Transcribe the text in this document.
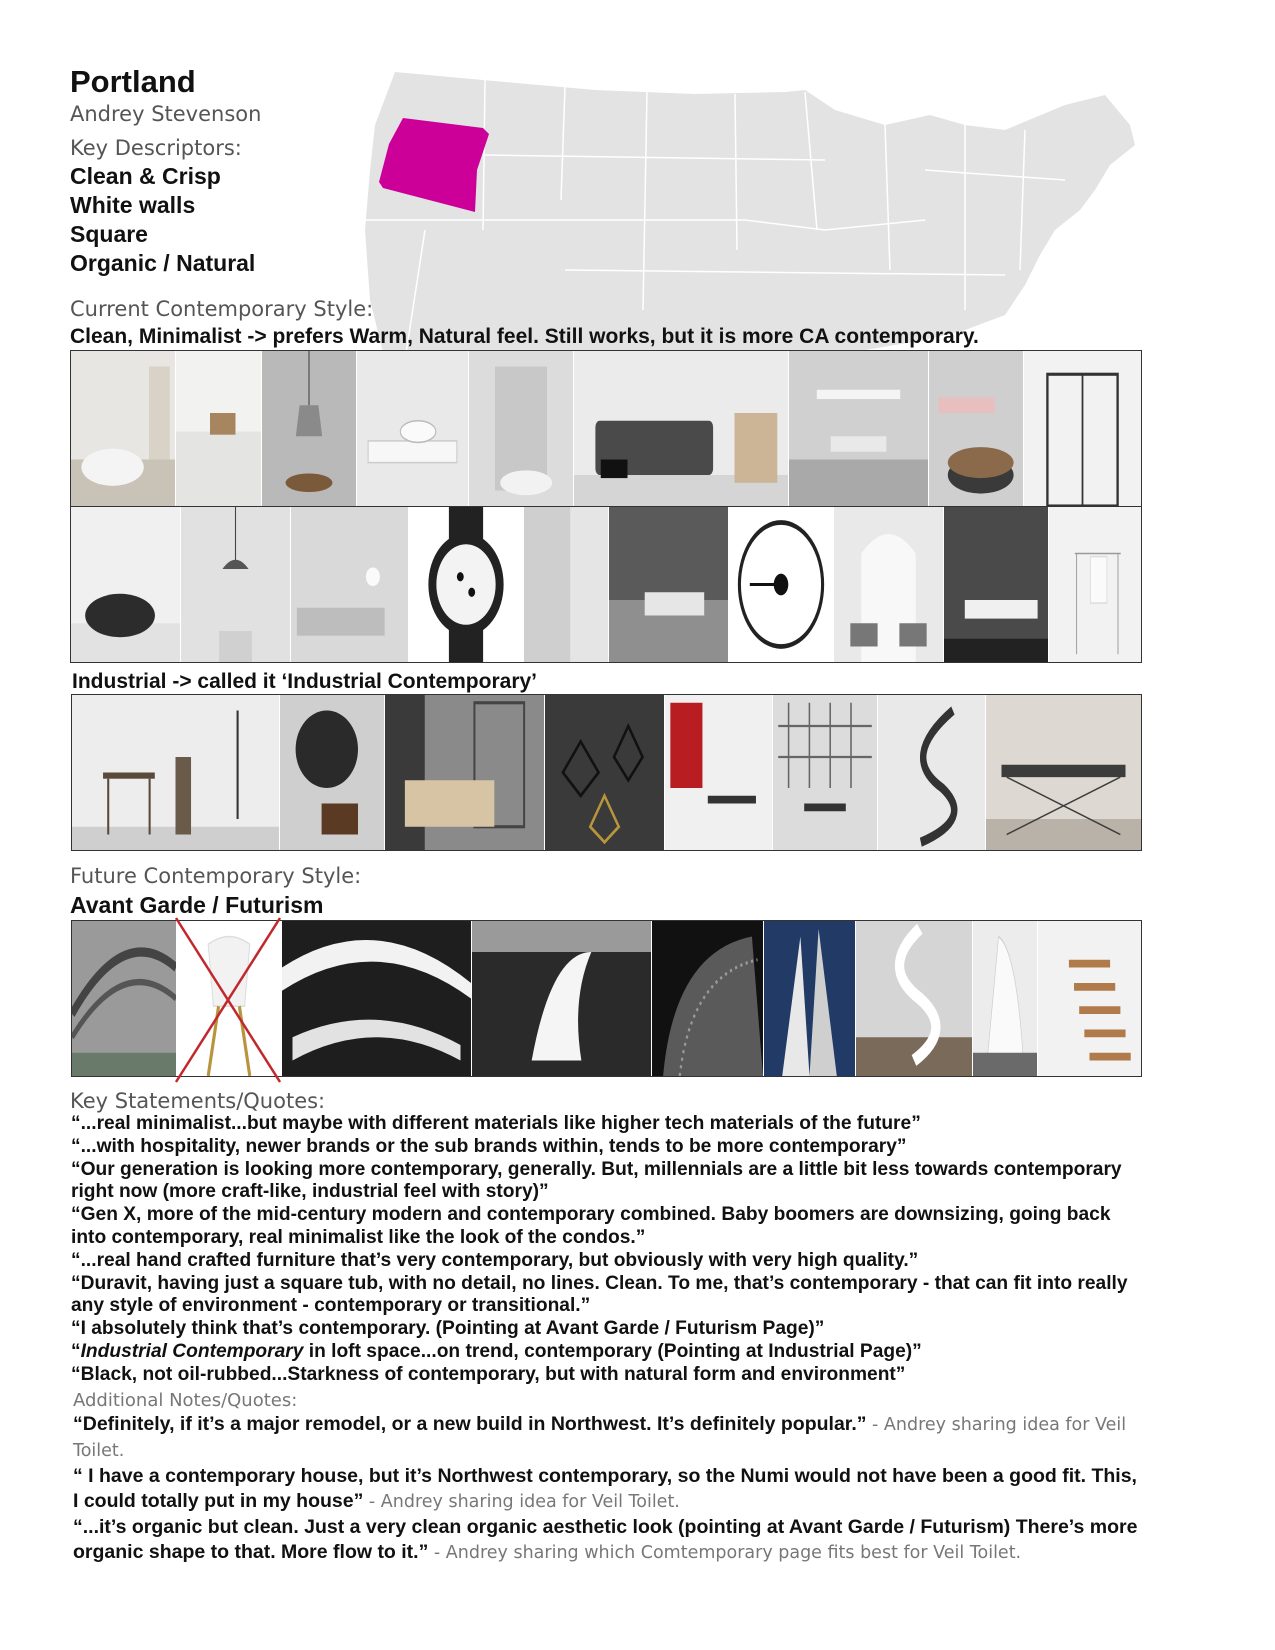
Portland
Andrey Stevenson
Key Descriptors:
Clean & Crisp
White walls
Square
Organic / Natural
Current Contemporary Style:
Clean, Minimalist -> prefers Warm, Natural feel. Still works, but it is more CA contemporary.
Industrial -> called it ‘Industrial Contemporary’
Future Contemporary Style:
Avant Garde / Futurism
Key Statements/Quotes:
“...real minimalist...but maybe with different materials like higher tech materials of the future”
“...with hospitality, newer brands or the sub brands within, tends to be more contemporary”
“Our generation is looking more contemporary, generally. But, millennials are a little bit less towards contemporary right now (more craft-like, industrial feel with story)”
“Gen X, more of the mid-century modern and contemporary combined. Baby boomers are downsizing, going back into contemporary, real minimalist like the look of the condos.”
“...real hand crafted furniture that’s very contemporary, but obviously with very high quality.”
“Duravit, having just a square tub, with no detail, no lines. Clean. To me, that’s contemporary - that can fit into really any style of environment - contemporary or transitional.”
“I absolutely think that’s contemporary. (Pointing at Avant Garde / Futurism Page)”
“Industrial Contemporary in loft space...on trend, contemporary (Pointing at Industrial Page)”
“Black, not oil-rubbed...Starkness of contemporary, but with natural form and environment”
Additional Notes/Quotes:
“Definitely, if it’s a major remodel, or a new build in Northwest. It’s definitely popular.” - Andrey sharing idea for Veil Toilet.
“ I have a contemporary house, but it’s Northwest contemporary, so the Numi would not have been a good fit. This, I could totally put in my house” - Andrey sharing idea for Veil Toilet.
“...it’s organic but clean. Just a very clean organic aesthetic look (pointing at Avant Garde / Futurism) There’s more organic shape to that. More flow to it.” - Andrey sharing which Comtemporary page fits best for Veil Toilet.
